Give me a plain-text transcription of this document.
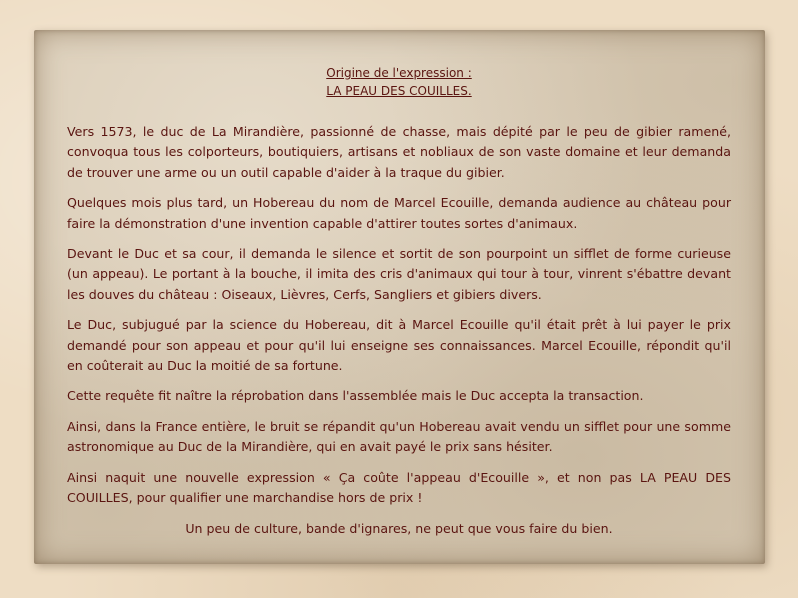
Origine de l'expression :
LA PEAU DES COUILLES.

Vers 1573, le duc de La Mirandière, passionné de chasse, mais dépité par le peu de gibier ramené, convoqua tous les colporteurs, boutiquiers, artisans et nobliaux de son vaste domaine et leur demanda de trouver une arme ou un outil capable d'aider à la traque du gibier.

Quelques mois plus tard, un Hobereau du nom de Marcel Ecouille, demanda audience au château pour faire la démonstration d'une invention capable d'attirer toutes sortes d'animaux.

Devant le Duc et sa cour, il demanda le silence et sortit de son pourpoint un sifflet de forme curieuse (un appeau). Le portant à la bouche, il imita des cris d'animaux qui tour à tour, vinrent s'ébattre devant les douves du château : Oiseaux, Lièvres, Cerfs, Sangliers et gibiers divers.

Le Duc, subjugué par la science du Hobereau, dit à Marcel Ecouille qu'il était prêt à lui payer le prix demandé pour son appeau et pour qu'il lui enseigne ses connaissances. Marcel Ecouille, répondit qu'il en coûterait au Duc la moitié de sa fortune.

Cette requête fit naître la réprobation dans l'assemblée mais le Duc accepta la transaction.

Ainsi, dans la France entière, le bruit se répandit qu'un Hobereau avait vendu un sifflet pour une somme astronomique au Duc de la Mirandière, qui en avait payé le prix sans hésiter.

Ainsi naquit une nouvelle expression « Ça coûte l'appeau d'Ecouille », et non pas LA PEAU DES COUILLES, pour qualifier une marchandise hors de prix !

Un peu de culture, bande d'ignares, ne peut que vous faire du bien.
